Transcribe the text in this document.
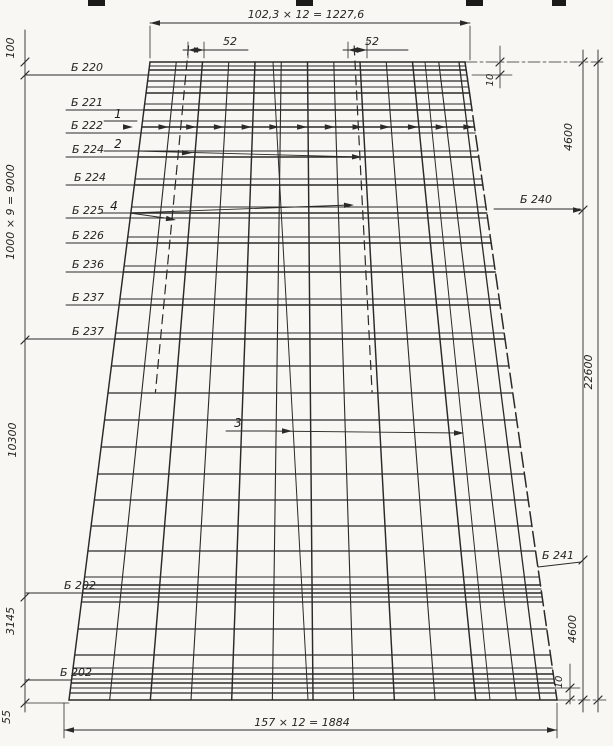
102,3 × 12 = 1227,6
157 × 12 = 1884
52	52
100
1000 × 9 = 9000
10300
3145
55
10
4600
22600
4600
10
Б 220
Б 221
Б 222
Б 224
Б 224
Б 225
Б 226
Б 236
Б 237
Б 237
Б 202
Б 202
Б 240
Б 241
1
2
3
4
